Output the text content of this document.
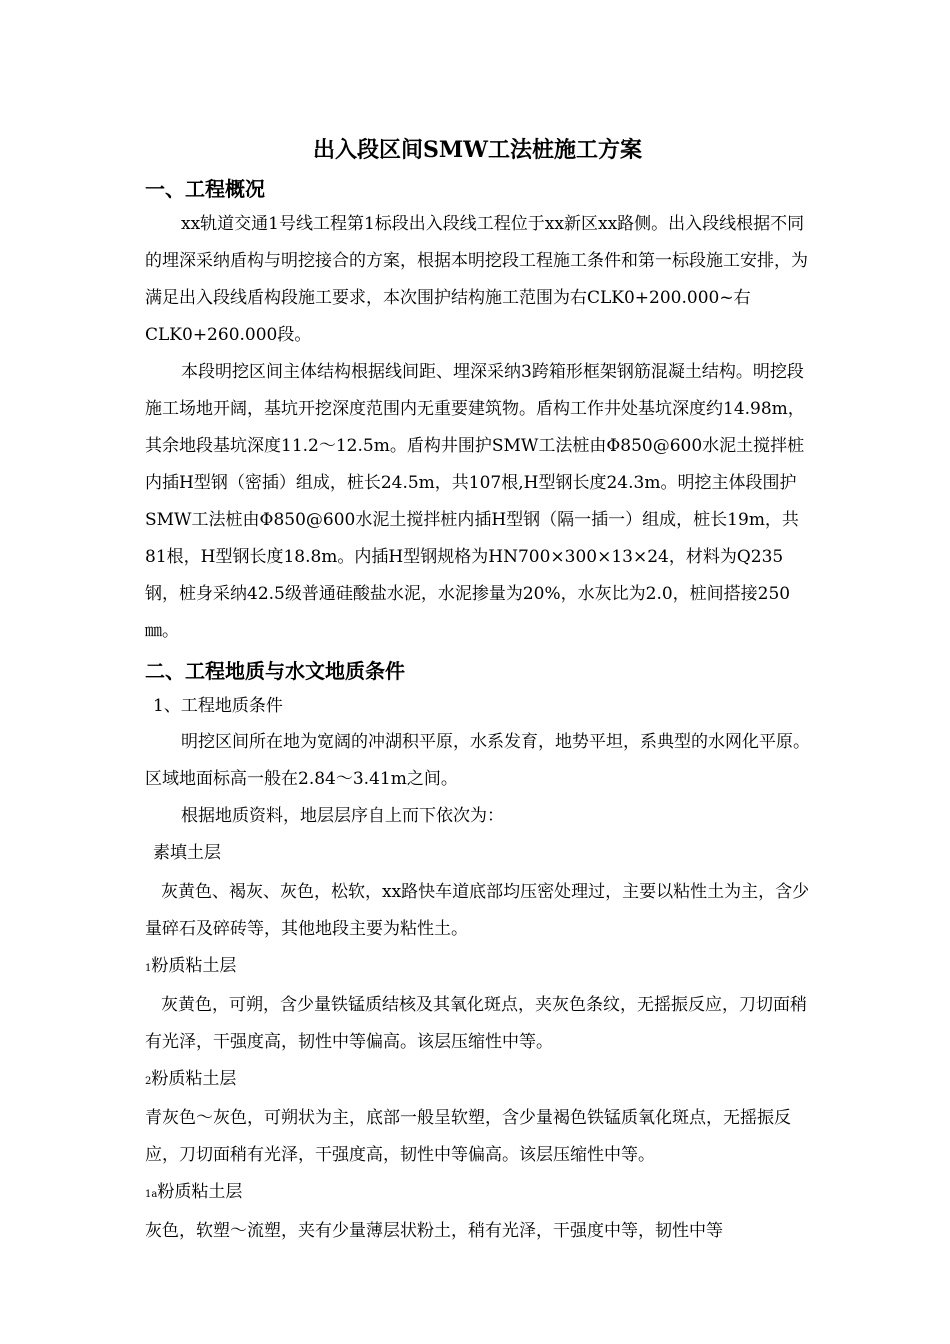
出入段区间SMW工法桩施工方案
一、工程概况

xx轨道交通1号线工程第1标段出入段线工程位于xx新区xx路侧。出入段线根据不同的埋深采纳盾构与明挖接合的方案，根据本明挖段工程施工条件和第一标段施工安排，为满足出入段线盾构段施工要求，本次围护结构施工范围为右CLK0+200.000~右CLK0+260.000段。

本段明挖区间主体结构根据线间距、埋深采纳3跨箱形框架钢筋混凝土结构。明挖段施工场地开阔，基坑开挖深度范围内无重要建筑物。盾构工作井处基坑深度约14.98m，其余地段基坑深度11.2～12.5m。盾构井围护SMW工法桩由Φ850@600水泥土搅拌桩内插H型钢（密插）组成，桩长24.5m，共107根,H型钢长度24.3m。明挖主体段围护SMW工法桩由Φ850@600水泥土搅拌桩内插H型钢（隔一插一）组成，桩长19m，共81根，H型钢长度18.8m。内插H型钢规格为HN700×300×13×24，材料为Q235钢，桩身采纳42.5级普通硅酸盐水泥，水泥掺量为20%，水灰比为2.0，桩间搭接250㎜。

二、工程地质与水文地质条件

1、工程地质条件

明挖区间所在地为宽阔的冲湖积平原，水系发育，地势平坦，系典型的水网化平原。区域地面标高一般在2.84～3.41m之间。

根据地质资料，地层层序自上而下依次为：

素填土层

灰黄色、褐灰、灰色，松软，xx路快车道底部均压密处理过，主要以粘性土为主，含少量碎石及碎砖等，其他地段主要为粘性土。

1粉质粘土层

灰黄色，可朔，含少量铁锰质结核及其氧化斑点，夹灰色条纹，无摇振反应，刀切面稍有光泽，干强度高，韧性中等偏高。该层压缩性中等。

2粉质粘土层

青灰色～灰色，可朔状为主，底部一般呈软塑，含少量褐色铁锰质氧化斑点，无摇振反应，刀切面稍有光泽，干强度高，韧性中等偏高。该层压缩性中等。

1a粉质粘土层

灰色，软塑～流塑，夹有少量薄层状粉土，稍有光泽，干强度中等，韧性中等
